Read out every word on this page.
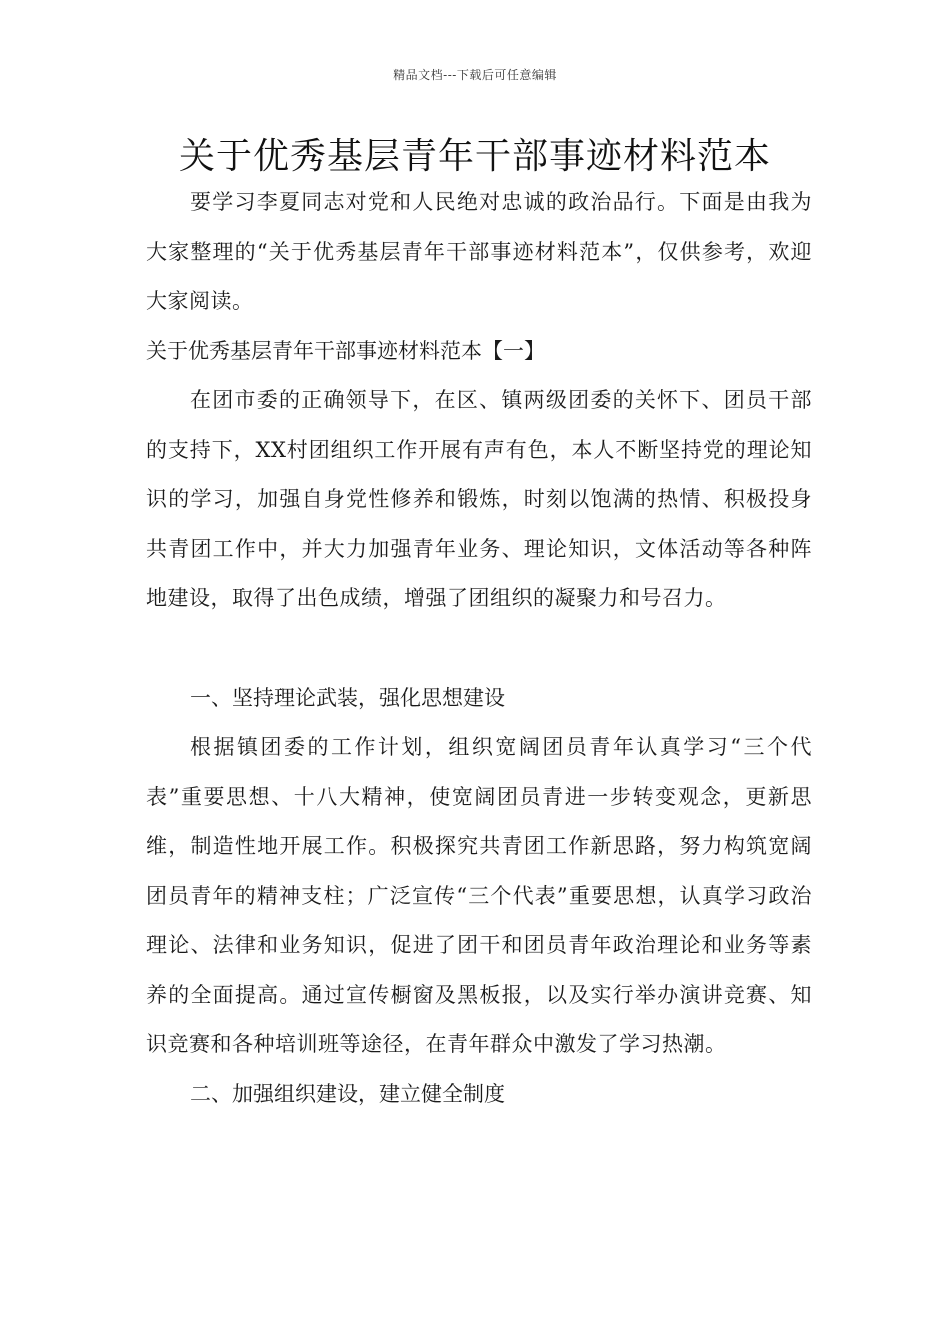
精品文档---下载后可任意编辑
关于优秀基层青年干部事迹材料范本

要学习李夏同志对党和人民绝对忠诚的政治品行。下面是由我为大家整理的“关于优秀基层青年干部事迹材料范本”，仅供参考，欢迎大家阅读。

关于优秀基层青年干部事迹材料范本【一】

在团市委的正确领导下，在区、镇两级团委的关怀下、团员干部的支持下，XX村团组织工作开展有声有色，本人不断坚持党的理论知识的学习，加强自身党性修养和锻炼，时刻以饱满的热情、积极投身共青团工作中，并大力加强青年业务、理论知识，文体活动等各种阵地建设，取得了出色成绩，增强了团组织的凝聚力和号召力。

一、坚持理论武装，强化思想建设

根据镇团委的工作计划，组织宽阔团员青年认真学习“三个代表”重要思想、十八大精神，使宽阔团员青进一步转变观念，更新思维，制造性地开展工作。积极探究共青团工作新思路，努力构筑宽阔团员青年的精神支柱；广泛宣传“三个代表”重要思想，认真学习政治理论、法律和业务知识，促进了团干和团员青年政治理论和业务等素养的全面提高。通过宣传橱窗及黑板报，以及实行举办演讲竞赛、知识竞赛和各种培训班等途径，在青年群众中激发了学习热潮。

二、加强组织建设，建立健全制度
